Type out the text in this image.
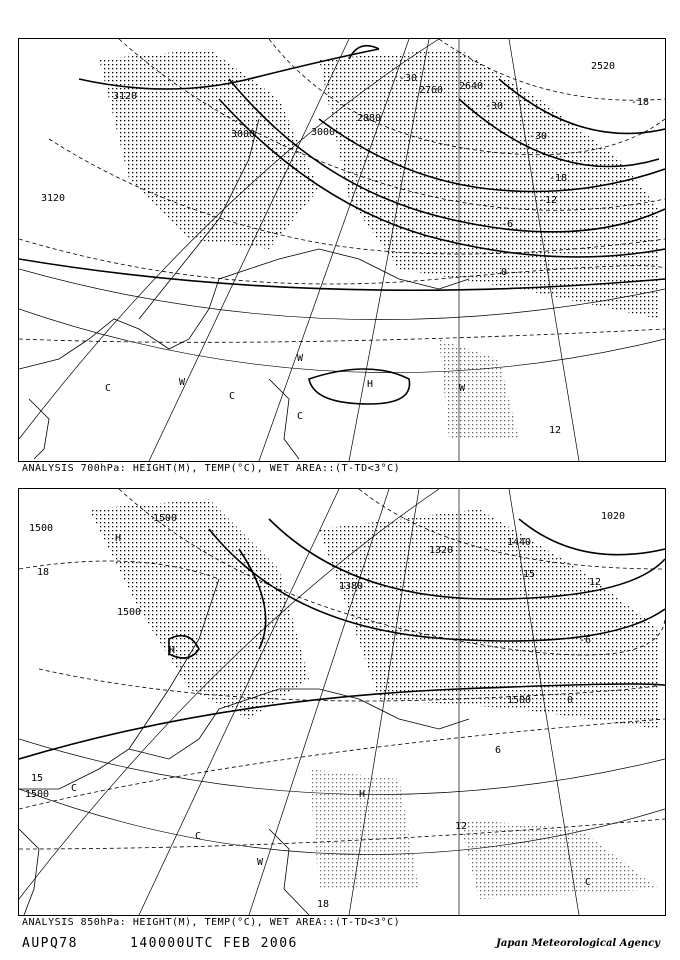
3120
3120
3000	3000
2880
2760 2640
2520
-30
-30
-30
-18
-18
-12
-6
0
12
H
W
W
W
C
C
C
ANALYSIS 700hPa: HEIGHT(M), TEMP(°C), WET AREA::(T-TD<3°C)
1500
1500
1500
1500
1500
1440
1380
1320
1020
18
15
15
12
6
0
-6
12
18
H
H
H
C
C
C
W
ANALYSIS 850hPa: HEIGHT(M), TEMP(°C), WET AREA::(T-TD<3°C)
AUPQ78	140000UTC FEB 2006	Japan Meteorological Agency
